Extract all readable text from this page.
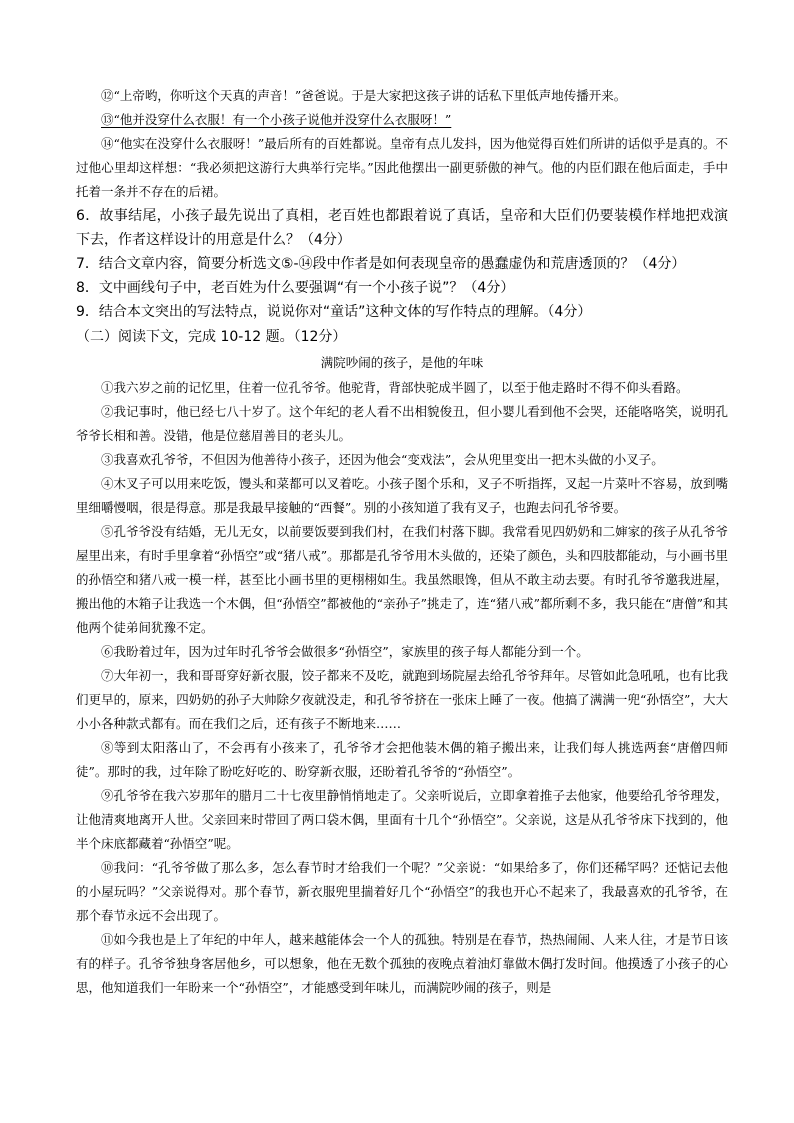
⑫“上帝哟，你听这个天真的声音！”爸爸说。于是大家把这孩子讲的话私下里低声地传播开来。

⑬“他并没穿什么衣服！有一个小孩子说他并没穿什么衣服呀！”

⑭“他实在没穿什么衣服呀！”最后所有的百姓都说。皇帝有点儿发抖，因为他觉得百姓们所讲的话似乎是真的。不过他心里却这样想：“我必须把这游行大典举行完毕。”因此他摆出一副更骄傲的神气。他的内臣们跟在他后面走，手中托着一条并不存在的后裙。

6．故事结尾，小孩子最先说出了真相，老百姓也都跟着说了真话，皇帝和大臣们仍要装模作样地把戏演下去，作者这样设计的用意是什么？（4分）

7．结合文章内容，简要分析选文⑤-⑭段中作者是如何表现皇帝的愚蠢虚伪和荒唐透顶的？（4分）

8．文中画线句子中，老百姓为什么要强调“有一个小孩子说”？（4分）

9．结合本文突出的写法特点，说说你对“童话”这种文体的写作特点的理解。（4分）

（二）阅读下文，完成 10-12 题。（12分）

满院吵闹的孩子，是他的年味

①我六岁之前的记忆里，住着一位孔爷爷。他驼背，背部快驼成半圆了，以至于他走路时不得不仰头看路。

②我记事时，他已经七八十岁了。这个年纪的老人看不出相貌俊丑，但小婴儿看到他不会哭，还能咯咯笑，说明孔爷爷长相和善。没错，他是位慈眉善目的老头儿。

③我喜欢孔爷爷，不但因为他善待小孩子，还因为他会“变戏法”，会从兜里变出一把木头做的小叉子。

④木叉子可以用来吃饭，馒头和菜都可以叉着吃。小孩子图个乐和，叉子不听指挥，叉起一片菜叶不容易，放到嘴里细嚼慢咽，很是得意。那是我最早接触的“西餐”。别的小孩知道了我有叉子，也跑去问孔爷爷要。

⑤孔爷爷没有结婚，无儿无女，以前要饭要到我们村，在我们村落下脚。我常看见四奶奶和二婶家的孩子从孔爷爷屋里出来，有时手里拿着“孙悟空”或“猪八戒”。那都是孔爷爷用木头做的，还染了颜色，头和四肢都能动，与小画书里的孙悟空和猪八戒一模一样，甚至比小画书里的更栩栩如生。我虽然眼馋，但从不敢主动去要。有时孔爷爷邀我进屋，搬出他的木箱子让我选一个木偶，但“孙悟空”都被他的“亲孙子”挑走了，连“猪八戒”都所剩不多，我只能在“唐僧”和其他两个徒弟间犹豫不定。

⑥我盼着过年，因为过年时孔爷爷会做很多“孙悟空”，家族里的孩子每人都能分到一个。

⑦大年初一，我和哥哥穿好新衣服，饺子都来不及吃，就跑到场院屋去给孔爷爷拜年。尽管如此急吼吼，也有比我们更早的，原来，四奶奶的孙子大帅除夕夜就没走，和孔爷爷挤在一张床上睡了一夜。他搞了满满一兜“孙悟空”，大大小小各种款式都有。而在我们之后，还有孩子不断地来……

⑧等到太阳落山了，不会再有小孩来了，孔爷爷才会把他装木偶的箱子搬出来，让我们每人挑选两套“唐僧四师徒”。那时的我，过年除了盼吃好吃的、盼穿新衣服，还盼着孔爷爷的“孙悟空”。

⑨孔爷爷在我六岁那年的腊月二十七夜里静悄悄地走了。父亲听说后，立即拿着推子去他家，他要给孔爷爷理发，让他清爽地离开人世。父亲回来时带回了两口袋木偶，里面有十几个“孙悟空”。父亲说，这是从孔爷爷床下找到的，他半个床底都藏着“孙悟空”呢。

⑩我问：“孔爷爷做了那么多，怎么春节时才给我们一个呢？”父亲说：“如果给多了，你们还稀罕吗？还惦记去他的小屋玩吗？”父亲说得对。那个春节，新衣服兜里揣着好几个“孙悟空”的我也开心不起来了，我最喜欢的孔爷爷，在那个春节永远不会出现了。

⑪如今我也是上了年纪的中年人，越来越能体会一个人的孤独。特别是在春节，热热闹闹、人来人往，才是节日该有的样子。孔爷爷独身客居他乡，可以想象，他在无数个孤独的夜晚点着油灯靠做木偶打发时间。他摸透了小孩子的心思，他知道我们一年盼来一个“孙悟空”，才能感受到年味儿，而满院吵闹的孩子，则是
